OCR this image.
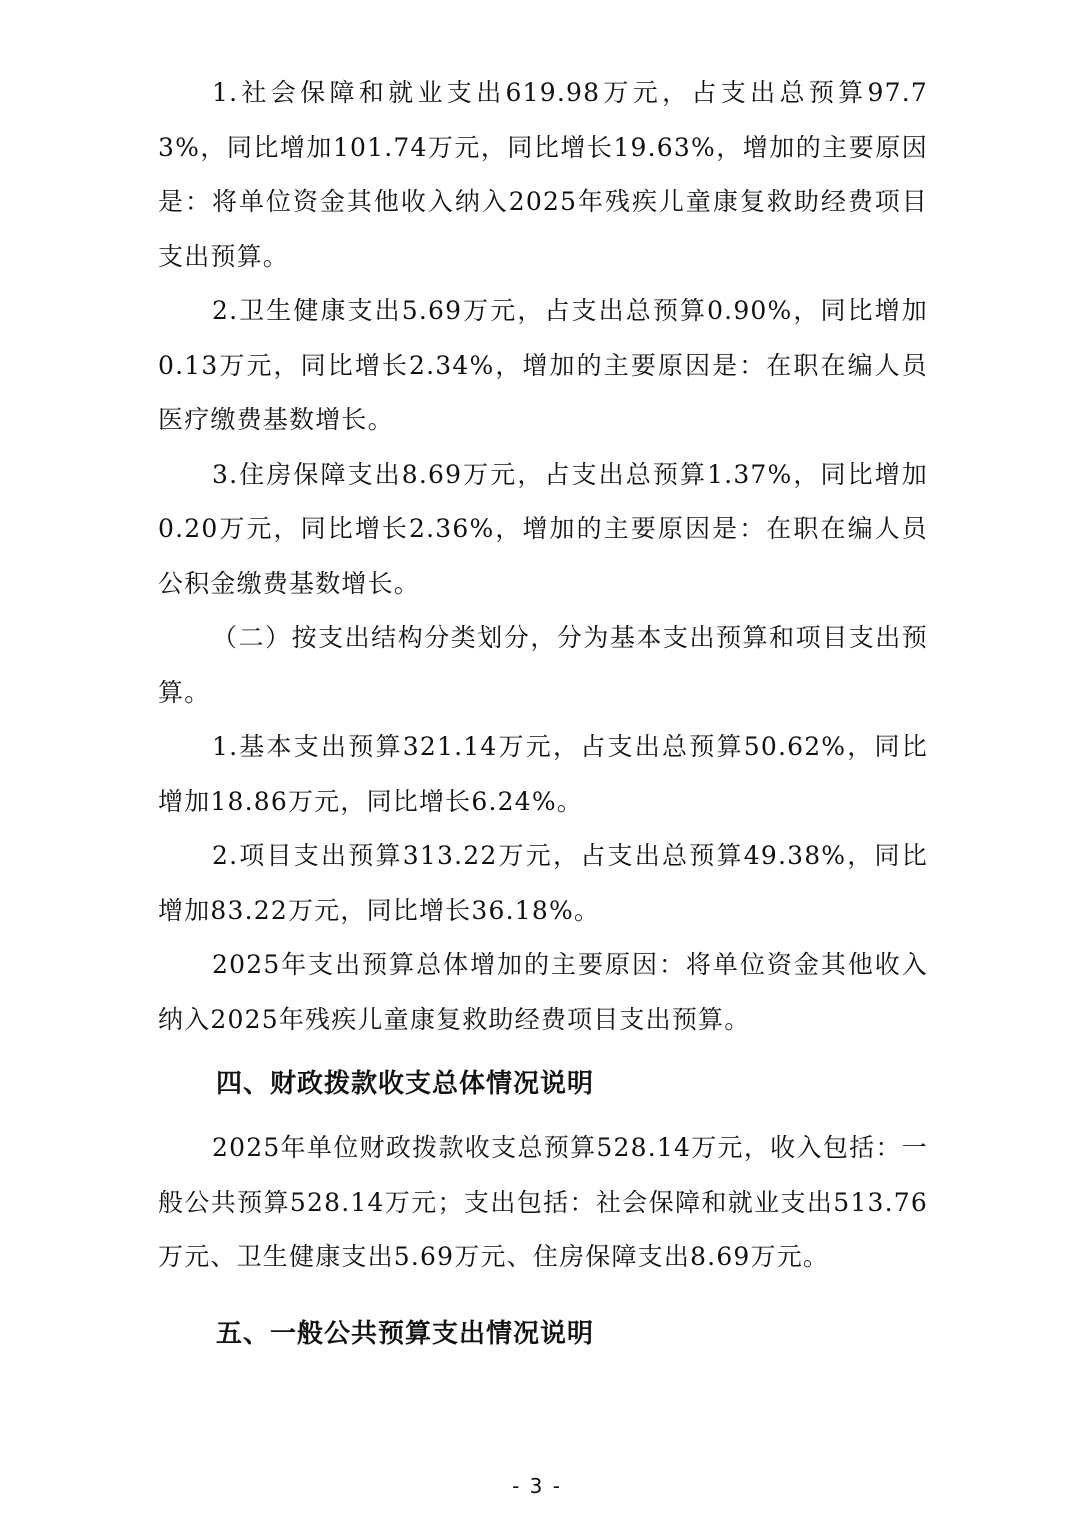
1.社会保障和就业支出619.98万元，占支出总预算97.73%，同比增加101.74万元，同比增长19.63%，增加的主要原因是：将单位资金其他收入纳入2025年残疾儿童康复救助经费项目支出预算。

2.卫生健康支出5.69万元，占支出总预算0.90%，同比增加0.13万元，同比增长2.34%，增加的主要原因是：在职在编人员医疗缴费基数增长。

3.住房保障支出8.69万元，占支出总预算1.37%，同比增加0.20万元，同比增长2.36%，增加的主要原因是：在职在编人员公积金缴费基数增长。

（二）按支出结构分类划分，分为基本支出预算和项目支出预算。

1.基本支出预算321.14万元，占支出总预算50.62%，同比增加18.86万元，同比增长6.24%。

2.项目支出预算313.22万元，占支出总预算49.38%，同比增加83.22万元，同比增长36.18%。

2025年支出预算总体增加的主要原因：将单位资金其他收入纳入2025年残疾儿童康复救助经费项目支出预算。

四、财政拨款收支总体情况说明

2025年单位财政拨款收支总预算528.14万元，收入包括：一般公共预算528.14万元；支出包括：社会保障和就业支出513.76万元、卫生健康支出5.69万元、住房保障支出8.69万元。

五、一般公共预算支出情况说明
- 3 -
